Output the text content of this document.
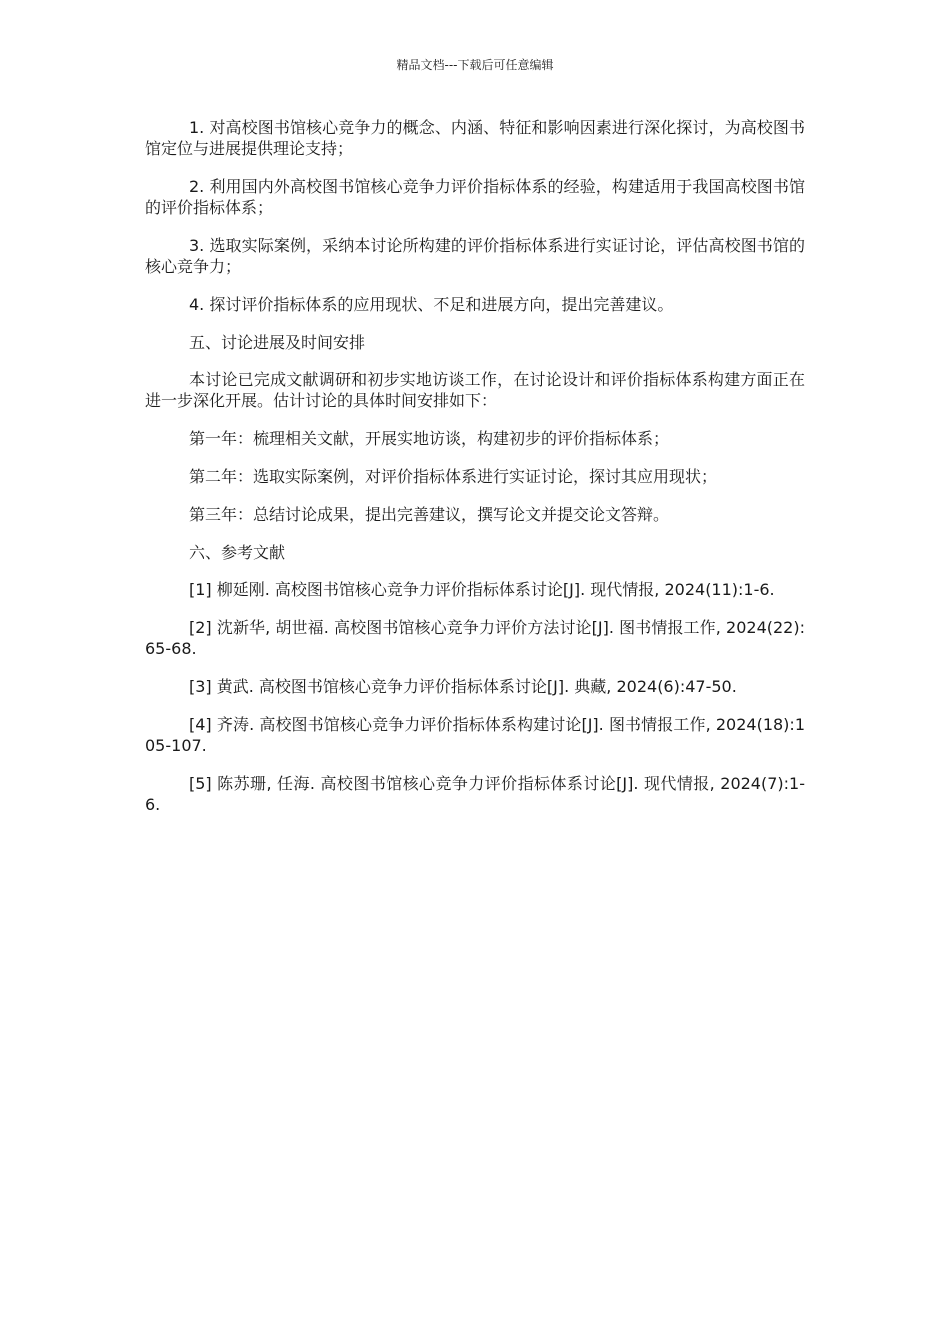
精品文档---下载后可任意编辑

1. 对高校图书馆核心竞争力的概念、内涵、特征和影响因素进行深化探讨，为高校图书馆定位与进展提供理论支持；

2. 利用国内外高校图书馆核心竞争力评价指标体系的经验，构建适用于我国高校图书馆的评价指标体系；

3. 选取实际案例，采纳本讨论所构建的评价指标体系进行实证讨论，评估高校图书馆的核心竞争力；

4. 探讨评价指标体系的应用现状、不足和进展方向，提出完善建议。

五、讨论进展及时间安排

本讨论已完成文献调研和初步实地访谈工作，在讨论设计和评价指标体系构建方面正在进一步深化开展。估计讨论的具体时间安排如下：

第一年：梳理相关文献，开展实地访谈，构建初步的评价指标体系；

第二年：选取实际案例，对评价指标体系进行实证讨论，探讨其应用现状；

第三年：总结讨论成果，提出完善建议，撰写论文并提交论文答辩。

六、参考文献

[1] 柳延刚. 高校图书馆核心竞争力评价指标体系讨论[J]. 现代情报, 2024(11):1-6.

[2] 沈新华, 胡世福. 高校图书馆核心竞争力评价方法讨论[J]. 图书情报工作, 2024(22):65-68.

[3] 黄武. 高校图书馆核心竞争力评价指标体系讨论[J]. 典藏, 2024(6):47-50.

[4] 齐涛. 高校图书馆核心竞争力评价指标体系构建讨论[J]. 图书情报工作, 2024(18):105-107.

[5] 陈苏珊, 任海. 高校图书馆核心竞争力评价指标体系讨论[J]. 现代情报, 2024(7):1-6.
